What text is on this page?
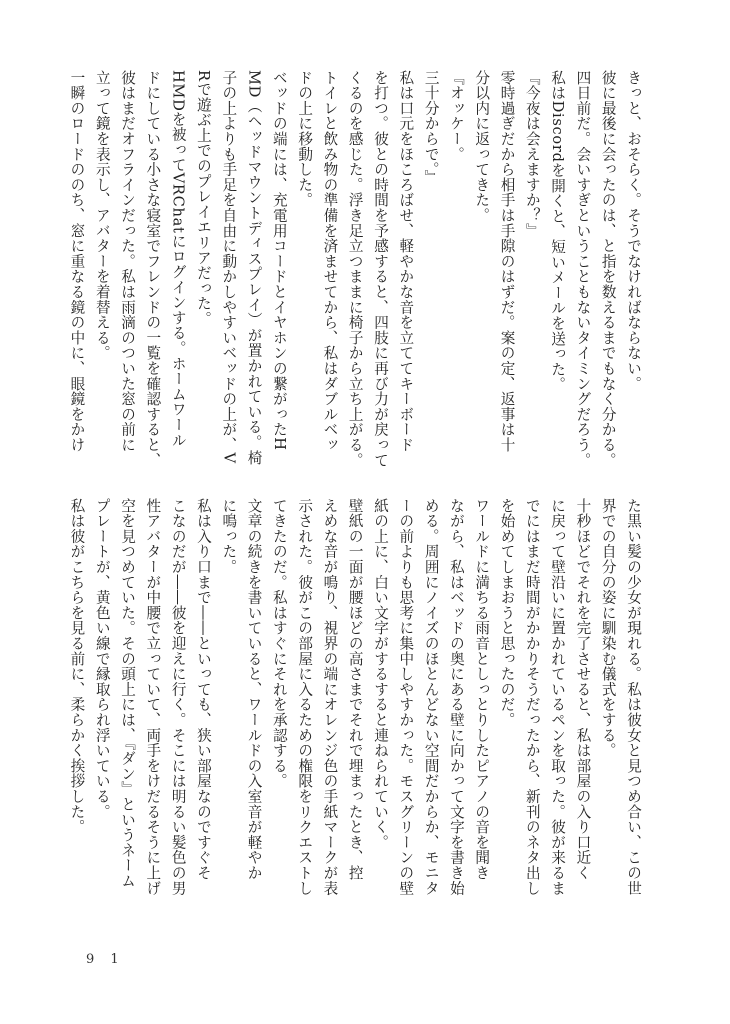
きっと、おそらく。そうでなければならない。
彼に最後に会ったのは、と指を数えるまでもなく分かる。
四日前だ。会いすぎということもないタイミングだろう。
私はDiscordを開くと、短いメールを送った。
『今夜は会えますか？』
零時過ぎだから相手は手隙のはずだ。案の定、返事は十
分以内に返ってきた。
『オッケー。
三十分からで。』
私は口元をほころばせ、軽やかな音を立ててキーボード
を打つ。彼との時間を予感すると、四肢に再び力が戻って
くるのを感じた。浮き足立つままに椅子から立ち上がる。
トイレと飲み物の準備を済ませてから、私はダブルベッ
ドの上に移動した。
ベッドの端には、充電用コードとイヤホンの繋がったH
MD（ヘッドマウントディスプレイ）が置かれている。椅
子の上よりも手足を自由に動かしやすいベッドの上が、V
Rで遊ぶ上でのプレイエリアだった。
HMDを被ってVRChatにログインする。ホームワール
ドにしている小さな寝室でフレンドの一覧を確認すると、
彼はまだオフラインだった。私は雨滴のついた窓の前に
立って鏡を表示し、アバターを着替える。
一瞬のロードののち、窓に重なる鏡の中に、眼鏡をかけ
た黒い髪の少女が現れる。私は彼女と見つめ合い、この世
界での自分の姿に馴染む儀式をする。
十秒ほどでそれを完了させると、私は部屋の入り口近く
に戻って壁沿いに置かれているペンを取った。彼が来るま
でにはまだ時間がかかりそうだったから、新刊のネタ出し
を始めてしまおうと思ったのだ。
ワールドに満ちる雨音としっとりしたピアノの音を聞き
ながら、私はベッドの奥にある壁に向かって文字を書き始
める。周囲にノイズのほとんどない空間だからか、モニタ
ーの前よりも思考に集中しやすかった。モスグリーンの壁
紙の上に、白い文字がするすると連ねられていく。
壁紙の一面が腰ほどの高さまでそれで埋まったとき、控
えめな音が鳴り、視界の端にオレンジ色の手紙マークが表
示された。彼がこの部屋に入るための権限をリクエストし
てきたのだ。私はすぐにそれを承認する。
文章の続きを書いていると、ワールドの入室音が軽やか
に鳴った。
私は入り口まで――といっても、狭い部屋なのですぐそ
こなのだが――彼を迎えに行く。そこには明るい髪色の男
性アバターが中腰で立っていて、両手をけだるそうに上げ
空を見つめていた。その頭上には、『ダン』というネーム
プレートが、黄色い線で縁取られ浮いている。
私は彼がこちらを見る前に、柔らかく挨拶した。
9 1
